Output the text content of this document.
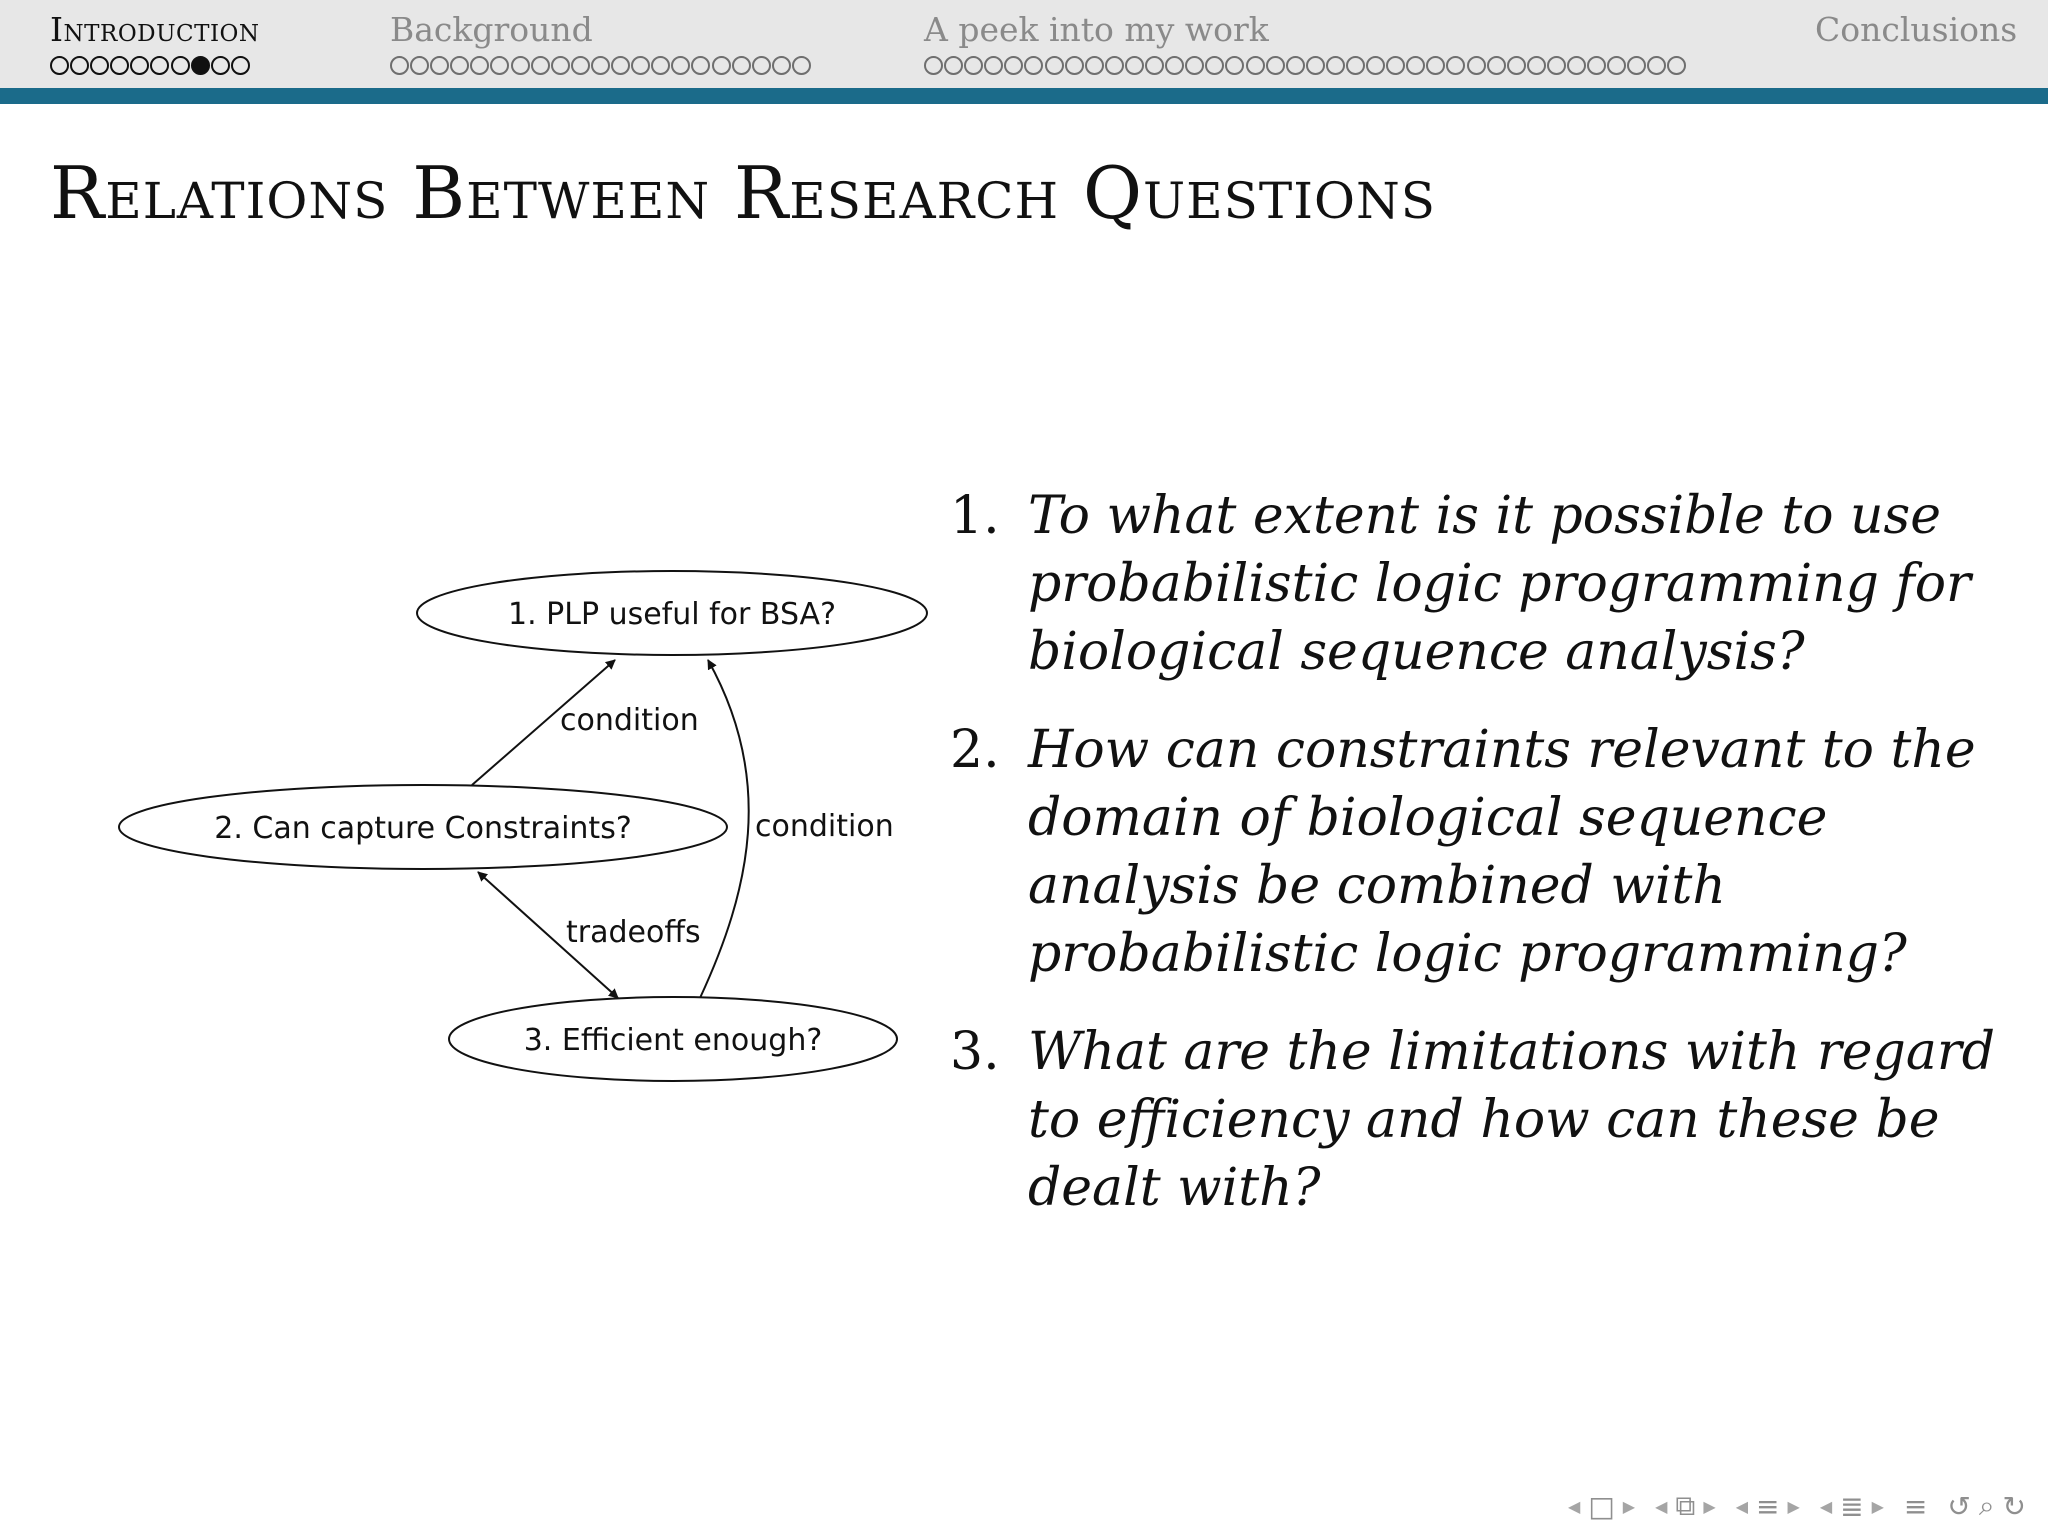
Introduction	Background	A peek into my work	Conclusions
Relations Between Research Questions
condition
condition
tradeoffs
1. PLP useful for BSA?
2. Can capture Constraints?
3. Efficient enough?
1. To what extent is it possible to use probabilistic logic programming for biological sequence analysis?
2. How can constraints relevant to the domain of biological sequence analysis be combined with probabilistic logic programming?
3. What are the limitations with regard to efficiency and how can these be dealt with?
◀ □ ▶ ◀ ⧉ ▶ ◀ ≡ ▶ ◀ ≣ ▶ ≡ ↺ ⌕ ↻
